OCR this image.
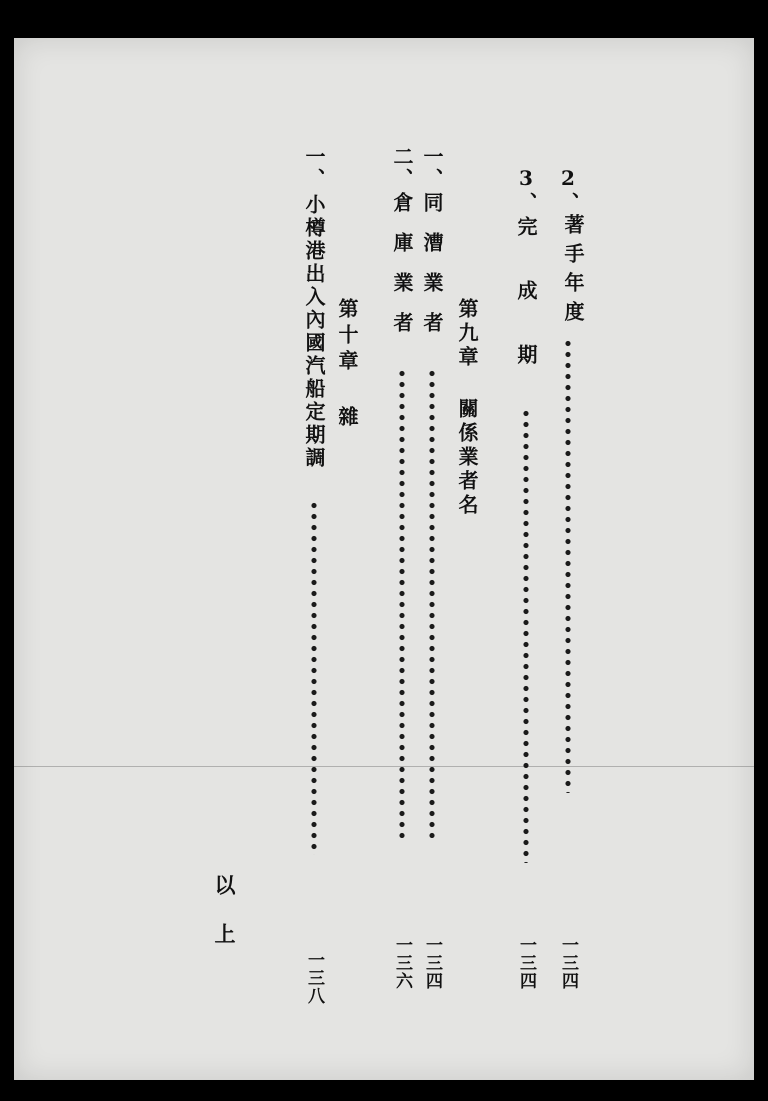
2、
著手年度
一三四
3、
完成期
一三四
第九章 關係業者名
一、
同漕業者
一三四
二、
倉庫業者
一三六
第十章 雜
一、
小樽港出入內國汽船定期調
一三八
以上
